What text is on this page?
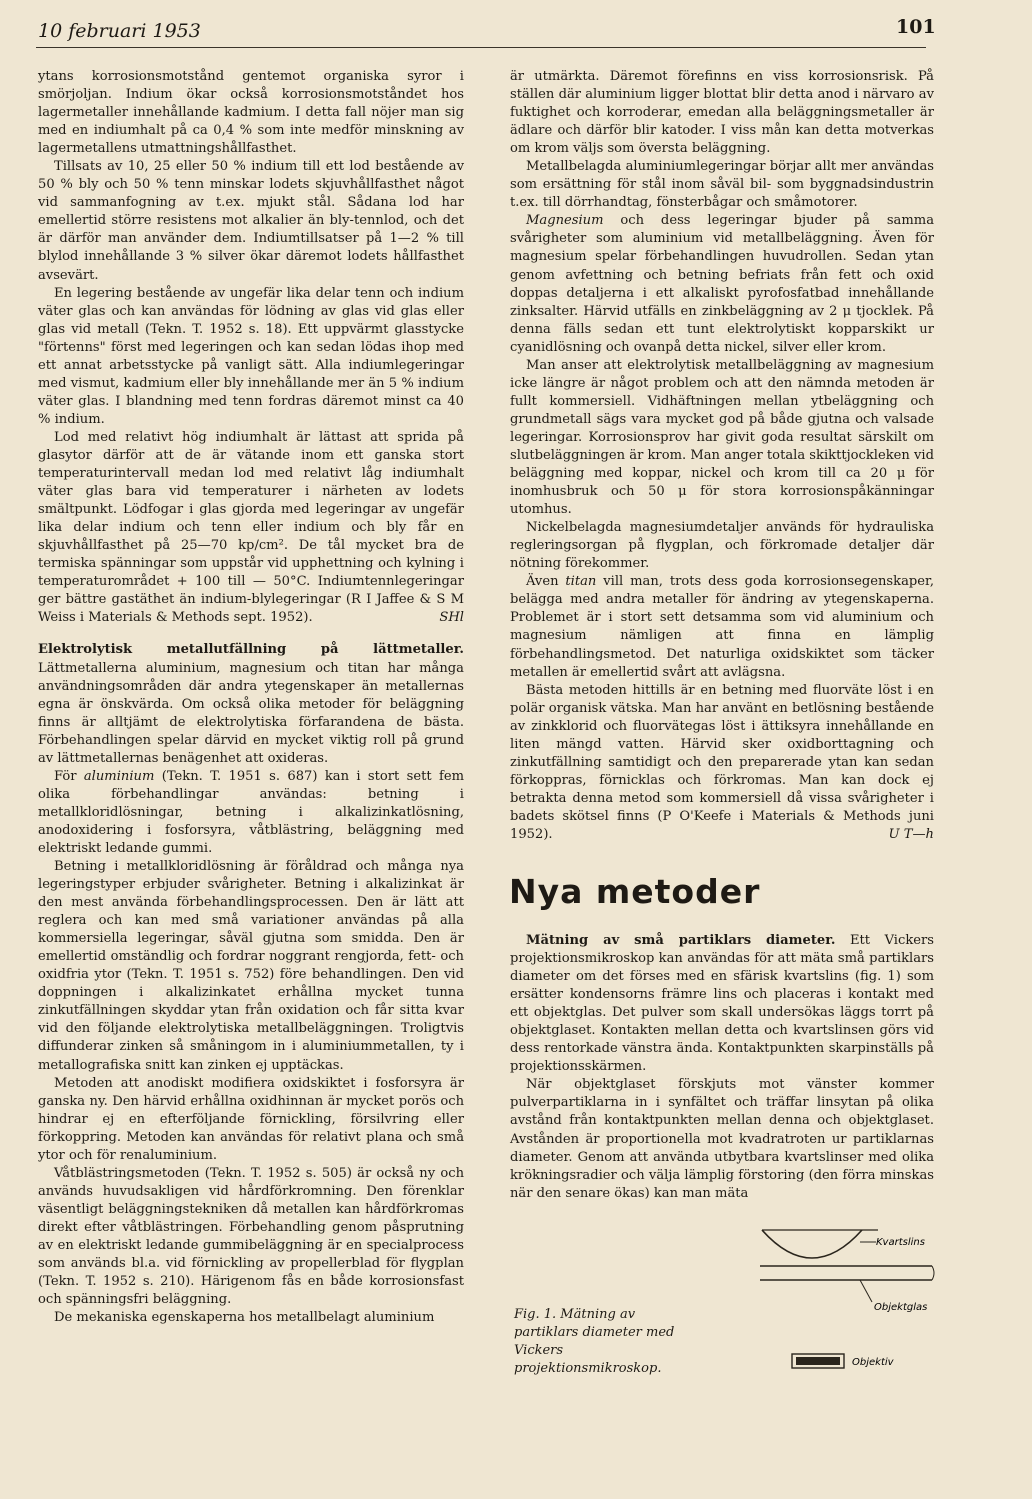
10 februari 1953	101

ytans korrosionsmotstånd gentemot organiska syror i smörjoljan. Indium ökar också korrosionsmotståndet hos lagermetaller innehållande kadmium. I detta fall nöjer man sig med en indiumhalt på ca 0,4 % som inte medför minskning av lagermetallens utmattningshållfasthet.

Tillsats av 10, 25 eller 50 % indium till ett lod bestående av 50 % bly och 50 % tenn minskar lodets skjuvhållfasthet något vid sammanfogning av t.ex. mjukt stål. Sådana lod har emellertid större resistens mot alkalier än bly-tennlod, och det är därför man använder dem. Indiumtillsatser på 1—2 % till blylod innehållande 3 % silver ökar däremot lodets hållfasthet avsevärt.

En legering bestående av ungefär lika delar tenn och indium väter glas och kan användas för lödning av glas vid glas eller glas vid metall (Tekn. T. 1952 s. 18). Ett uppvärmt glasstycke "förtenns" först med legeringen och kan sedan lödas ihop med ett annat arbetsstycke på vanligt sätt. Alla indiumlegeringar med vismut, kadmium eller bly innehållande mer än 5 % indium väter glas. I blandning med tenn fordras däremot minst ca 40 % indium.

Lod med relativt hög indiumhalt är lättast att sprida på glasytor därför att de är vätande inom ett ganska stort temperaturintervall medan lod med relativt låg indiumhalt väter glas bara vid temperaturer i närheten av lodets smältpunkt. Lödfogar i glas gjorda med legeringar av ungefär lika delar indium och tenn eller indium och bly får en skjuvhållfasthet på 25—70 kp/cm². De tål mycket bra de termiska spänningar som uppstår vid upphettning och kylning i temperaturområdet + 100 till — 50°C. Indiumtennlegeringar ger bättre gastäthet än indium-blylegeringar (R I Jaffee & S M Weiss i Materials & Methods sept. 1952).	SHl

Elektrolytisk metallutfällning på lättmetaller. Lättmetallerna aluminium, magnesium och titan har många användningsområden där andra ytegenskaper än metallernas egna är önskvärda. Om också olika metoder för beläggning finns är alltjämt de elektrolytiska förfarandena de bästa. Förbehandlingen spelar därvid en mycket viktig roll på grund av lättmetallernas benägenhet att oxideras.

För aluminium (Tekn. T. 1951 s. 687) kan i stort sett fem olika förbehandlingar användas: betning i metallkloridlösningar, betning i alkalizinkatlösning, anodoxidering i fosforsyra, våtblästring, beläggning med elektriskt ledande gummi.

Betning i metallkloridlösning är föråldrad och många nya legeringstyper erbjuder svårigheter. Betning i alkalizinkat är den mest använda förbehandlingsprocessen. Den är lätt att reglera och kan med små variationer användas på alla kommersiella legeringar, såväl gjutna som smidda. Den är emellertid omständlig och fordrar noggrant rengjorda, fett- och oxidfria ytor (Tekn. T. 1951 s. 752) före behandlingen. Den vid doppningen i alkalizinkatet erhållna mycket tunna zinkutfällningen skyddar ytan från oxidation och får sitta kvar vid den följande elektrolytiska metallbeläggningen. Troligtvis diffunderar zinken så småningom in i aluminiummetallen, ty i metallografiska snitt kan zinken ej upptäckas.

Metoden att anodiskt modifiera oxidskiktet i fosforsyra är ganska ny. Den härvid erhållna oxidhinnan är mycket porös och hindrar ej en efterföljande förnickling, försilvring eller förkoppring. Metoden kan användas för relativt plana och små ytor och för renaluminium.

Våtblästringsmetoden (Tekn. T. 1952 s. 505) är också ny och används huvudsakligen vid hårdförkromning. Den förenklar väsentligt beläggningstekniken då metallen kan hårdförkromas direkt efter våtblästringen. Förbehandling genom påsprutning av en elektriskt ledande gummibeläggning är en specialprocess som används bl.a. vid förnickling av propellerblad för flygplan (Tekn. T. 1952 s. 210). Härigenom fås en både korrosionsfast och spänningsfri beläggning.

De mekaniska egenskaperna hos metallbelagt aluminium

är utmärkta. Däremot förefinns en viss korrosionsrisk. På ställen där aluminium ligger blottat blir detta anod i närvaro av fuktighet och korroderar, emedan alla beläggningsmetaller är ädlare och därför blir katoder. I viss mån kan detta motverkas om krom väljs som översta beläggning.

Metallbelagda aluminiumlegeringar börjar allt mer användas som ersättning för stål inom såväl bil- som byggnadsindustrin t.ex. till dörrhandtag, fönsterbågar och småmotorer.

Magnesium och dess legeringar bjuder på samma svårigheter som aluminium vid metallbeläggning. Även för magnesium spelar förbehandlingen huvudrollen. Sedan ytan genom avfettning och betning befriats från fett och oxid doppas detaljerna i ett alkaliskt pyrofosfatbad innehållande zinksalter. Härvid utfälls en zinkbeläggning av 2 μ tjocklek. På denna fälls sedan ett tunt elektrolytiskt kopparskikt ur cyanidlösning och ovanpå detta nickel, silver eller krom.

Man anser att elektrolytisk metallbeläggning av magnesium icke längre är något problem och att den nämnda metoden är fullt kommersiell. Vidhäftningen mellan ytbeläggning och grundmetall sägs vara mycket god på både gjutna och valsade legeringar. Korrosionsprov har givit goda resultat särskilt om slutbeläggningen är krom. Man anger totala skikttjockleken vid beläggning med koppar, nickel och krom till ca 20 μ för inomhusbruk och 50 μ för stora korrosionspåkänningar utomhus.

Nickelbelagda magnesiumdetaljer används för hydrauliska regleringsorgan på flygplan, och förkromade detaljer där nötning förekommer.

Även titan vill man, trots dess goda korrosionsegenskaper, belägga med andra metaller för ändring av ytegenskaperna. Problemet är i stort sett detsamma som vid aluminium och magnesium nämligen att finna en lämplig förbehandlingsmetod. Det naturliga oxidskiktet som täcker metallen är emellertid svårt att avlägsna.

Bästa metoden hittills är en betning med fluorväte löst i en polär organisk vätska. Man har använt en betlösning bestående av zinkklorid och fluorvätegas löst i ättiksyra innehållande en liten mängd vatten. Härvid sker oxidborttagning och zinkutfällning samtidigt och den preparerade ytan kan sedan förkoppras, förnicklas och förkromas. Man kan dock ej betrakta denna metod som kommersiell då vissa svårigheter i badets skötsel finns (P O'Keefe i Materials & Methods juni 1952).	U T—h

Nya metoder

Mätning av små partiklars diameter. Ett Vickers projektionsmikroskop kan användas för att mäta små partiklars diameter om det förses med en sfärisk kvartslins (fig. 1) som ersätter kondensorns främre lins och placeras i kontakt med ett objektglas. Det pulver som skall undersökas läggs torrt på objektglaset. Kontakten mellan detta och kvartslinsen görs vid dess rentorkade vänstra ända. Kontaktpunkten skarpinställs på projektionsskärmen.

När objektglaset förskjuts mot vänster kommer pulverpartiklarna in i synfältet och träffar linsytan på olika avstånd från kontaktpunkten mellan denna och objektglaset. Avstånden är proportionella mot kvadratroten ur partiklarnas diameter. Genom att använda utbytbara kvartslinser med olika krökningsradier och välja lämplig förstoring (den förra minskas när den senare ökas) kan man mäta

Fig. 1. Mätning av partiklars diameter med Vickers projektionsmikroskop.
Kvartslins
Objektglas
Objektiv
